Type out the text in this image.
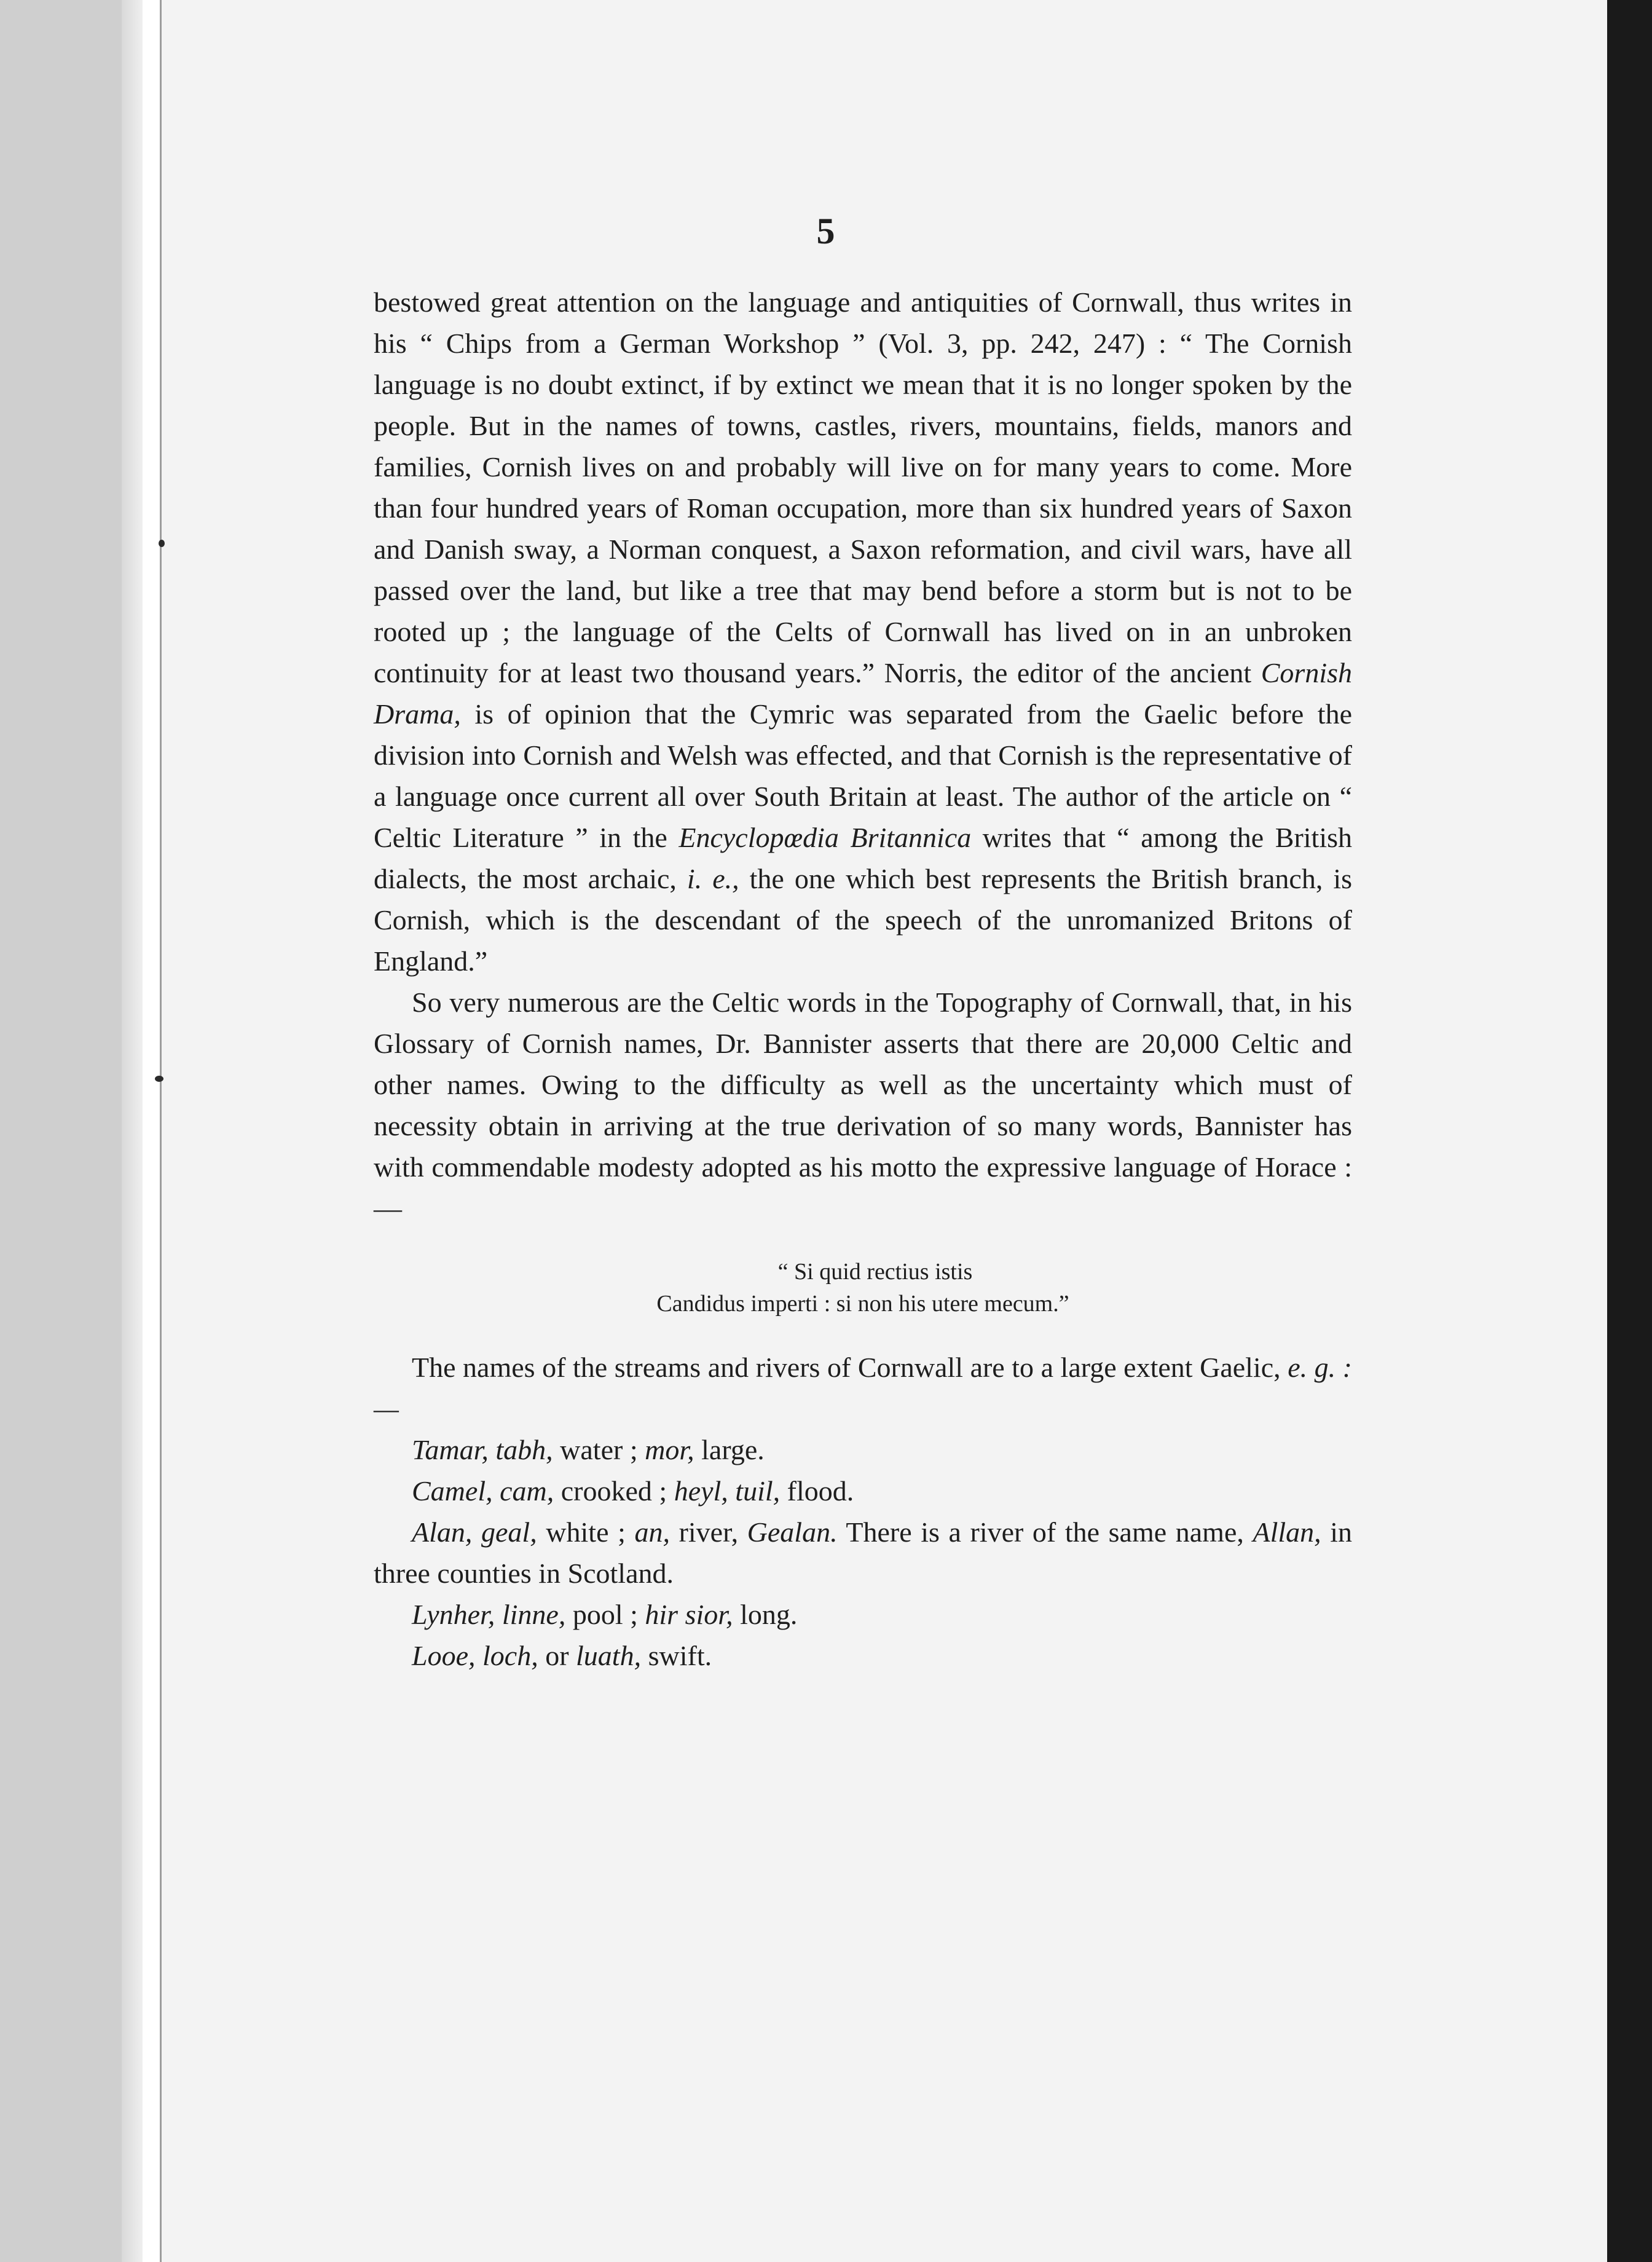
5

bestowed great attention on the language and antiquities of Cornwall, thus writes in his “ Chips from a German Workshop ” (Vol. 3, pp. 242, 247) : “ The Cornish language is no doubt extinct, if by extinct we mean that it is no longer spoken by the people. But in the names of towns, castles, rivers, mountains, fields, manors and families, Cornish lives on and probably will live on for many years to come. More than four hundred years of Roman occupation, more than six hundred years of Saxon and Danish sway, a Norman conquest, a Saxon reformation, and civil wars, have all passed over the land, but like a tree that may bend before a storm but is not to be rooted up ; the language of the Celts of Cornwall has lived on in an unbroken continuity for at least two thousand years.” Norris, the editor of the ancient Cornish Drama, is of opinion that the Cymric was separated from the Gaelic before the division into Cornish and Welsh was effected, and that Cornish is the representative of a language once current all over South Britain at least. The author of the article on “ Celtic Literature ” in the Encyclopœdia Britannica writes that “ among the British dialects, the most archaic, i. e., the one which best represents the British branch, is Cornish, which is the descendant of the speech of the unromanized Britons of England.”

So very numerous are the Celtic words in the Topography of Cornwall, that, in his Glossary of Cornish names, Dr. Bannister asserts that there are 20,000 Celtic and other names. Owing to the difficulty as well as the uncertainty which must of necessity obtain in arriving at the true derivation of so many words, Bannister has with commendable modesty adopted as his motto the expressive language of Horace :—

“ Si quid rectius istis
Candidus imperti : si non his utere mecum.”

The names of the streams and rivers of Cornwall are to a large extent Gaelic, e. g. :—

Tamar, tabh, water ; mor, large.

Camel, cam, crooked ; heyl, tuil, flood.

Alan, geal, white ; an, river, Gealan. There is a river of the same name, Allan, in three counties in Scotland.

Lynher, linne, pool ; hir sior, long.

Looe, loch, or luath, swift.
